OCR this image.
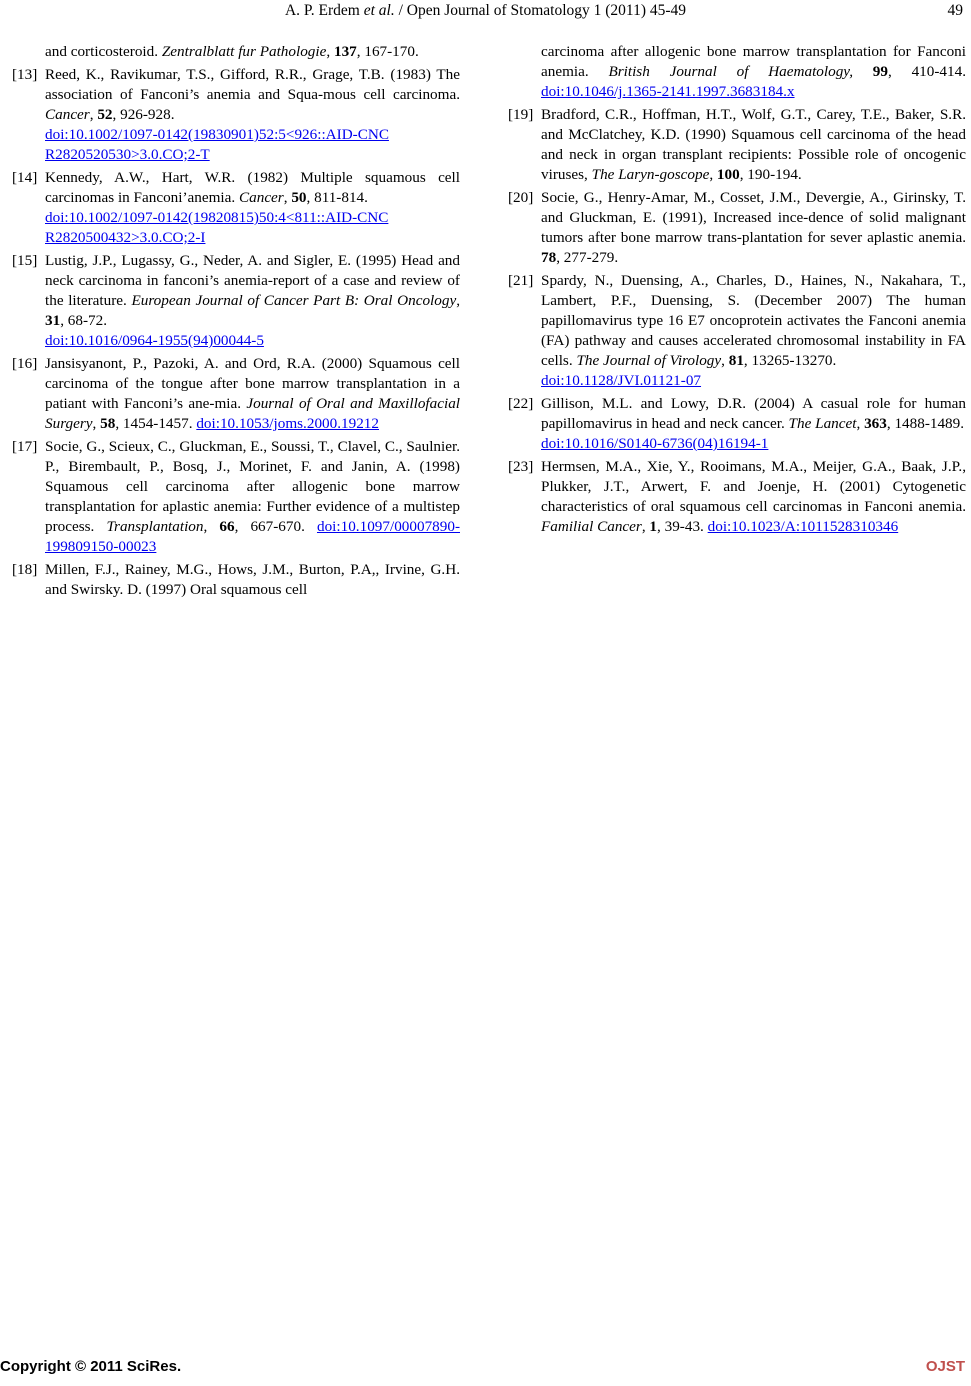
A. P. Erdem et al. / Open Journal of Stomatology 1 (2011) 45-49	49
and corticosteroid. Zentralblatt fur Pathologie, 137, 167-170.
[13] Reed, K., Ravikumar, T.S., Gifford, R.R., Grage, T.B. (1983) The association of Fanconi’s anemia and Squa-mous cell carcinoma. Cancer, 52, 926-928.
doi:10.1002/1097-0142(19830901)52:5<926::AID-CNC
R2820520530>3.0.CO;2-T
[14] Kennedy, A.W., Hart, W.R. (1982) Multiple squamous cell carcinomas in Fanconi’anemia. Cancer, 50, 811-814.
doi:10.1002/1097-0142(19820815)50:4<811::AID-CNC
R2820500432>3.0.CO;2-I
[15] Lustig, J.P., Lugassy, G., Neder, A. and Sigler, E. (1995) Head and neck carcinoma in fanconi’s anemia-report of a case and review of the literature. European Journal of Cancer Part B: Oral Oncology, 31, 68-72.
doi:10.1016/0964-1955(94)00044-5
[16] Jansisyanont, P., Pazoki, A. and Ord, R.A. (2000) Squamous cell carcinoma of the tongue after bone marrow transplantation in a patiant with Fanconi’s ane-mia. Journal of Oral and Maxillofacial Surgery, 58, 1454-1457. doi:10.1053/joms.2000.19212
[17] Socie, G., Scieux, C., Gluckman, E., Soussi, T., Clavel, C., Saulnier. P., Birembault, P., Bosq, J., Morinet, F. and Janin, A. (1998) Squamous cell carcinoma after allogenic bone marrow transplantation for aplastic anemia: Further evidence of a multistep process. Transplantation, 66, 667-670. doi:10.1097/00007890-199809150-00023
[18] Millen, F.J., Rainey, M.G., Hows, J.M., Burton, P.A,, Irvine, G.H. and Swirsky. D. (1997) Oral squamous cell
carcinoma after allogenic bone marrow transplantation for Fanconi anemia. British Journal of Haematology, 99, 410-414. doi:10.1046/j.1365-2141.1997.3683184.x
[19] Bradford, C.R., Hoffman, H.T., Wolf, G.T., Carey, T.E., Baker, S.R. and McClatchey, K.D. (1990) Squamous cell carcinoma of the head and neck in organ transplant recipients: Possible role of oncogenic viruses, The Laryn-goscope, 100, 190-194.
[20] Socie, G., Henry-Amar, M., Cosset, J.M., Devergie, A., Girinsky, T. and Gluckman, E. (1991), Increased ince-dence of solid malignant tumors after bone marrow trans-plantation for sever aplastic anemia. 78, 277-279.
[21] Spardy, N., Duensing, A., Charles, D., Haines, N., Nakahara, T., Lambert, P.F., Duensing, S. (December 2007) The human papillomavirus type 16 E7 oncoprotein activates the Fanconi anemia (FA) pathway and causes accelerated chromosomal instability in FA cells. The Journal of Virology, 81, 13265-13270.
doi:10.1128/JVI.01121-07
[22] Gillison, M.L. and Lowy, D.R. (2004) A casual role for human papillomavirus in head and neck cancer. The Lancet, 363, 1488-1489.
doi:10.1016/S0140-6736(04)16194-1
[23] Hermsen, M.A., Xie, Y., Rooimans, M.A., Meijer, G.A., Baak, J.P., Plukker, J.T., Arwert, F. and Joenje, H. (2001) Cytogenetic characteristics of oral squamous cell carcinomas in Fanconi anemia. Familial Cancer, 1, 39-43. doi:10.1023/A:1011528310346
Copyright © 2011 SciRes.	OJST
